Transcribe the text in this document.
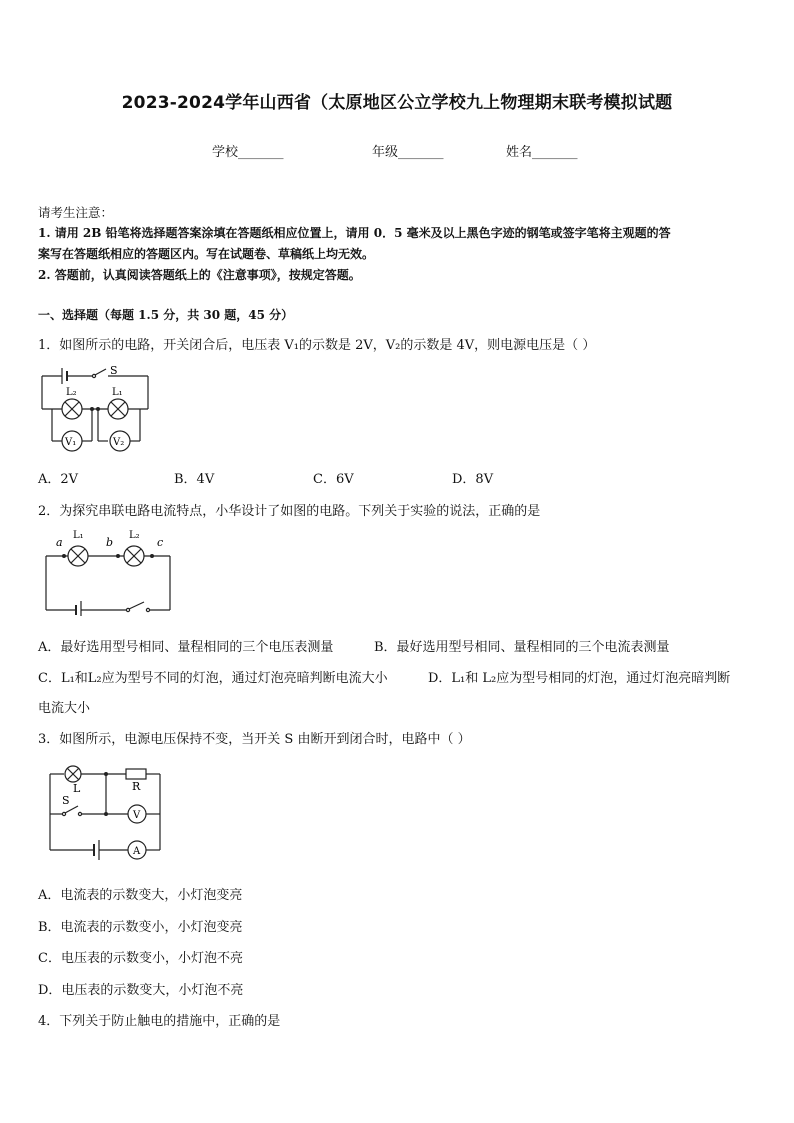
2023-2024学年山西省（太原地区公立学校九上物理期末联考模拟试题
学校_______	年级_______	姓名_______
请考生注意：
1. 请用 2B 铅笔将选择题答案涂填在答题纸相应位置上，请用 0．5 毫米及以上黑色字迹的钢笔或签字笔将主观题的答
案写在答题纸相应的答题区内。写在试题卷、草稿纸上均无效。
2. 答题前，认真阅读答题纸上的《注意事项》，按规定答题。
一、选择题（每题 1.5 分，共 30 题，45 分）
1．如图所示的电路，开关闭合后，电压表 V₁的示数是 2V，V₂的示数是 4V，则电源电压是（ ）
S
L₂	L₁
V₁	V₂
A．2V	B．4V	C．6V	D．8V
2．为探究串联电路电流特点，小华设计了如图的电路。下列关于实验的说法，正确的是
a
L₁
b
L₂
c
A．最好选用型号相同、量程相同的三个电压表测量	B．最好选用型号相同、量程相同的三个电流表测量
C．L₁和L₂应为型号不同的灯泡，通过灯泡亮暗判断电流大小	D．L₁和 L₂应为型号相同的灯泡，通过灯泡亮暗判断
电流大小
3．如图所示，电源电压保持不变，当开关 S 由断开到闭合时，电路中（ ）
L	R
S
V
A
A．电流表的示数变大，小灯泡变亮
B．电流表的示数变小，小灯泡变亮
C．电压表的示数变小，小灯泡不亮
D．电压表的示数变大，小灯泡不亮
4．下列关于防止触电的措施中，正确的是
